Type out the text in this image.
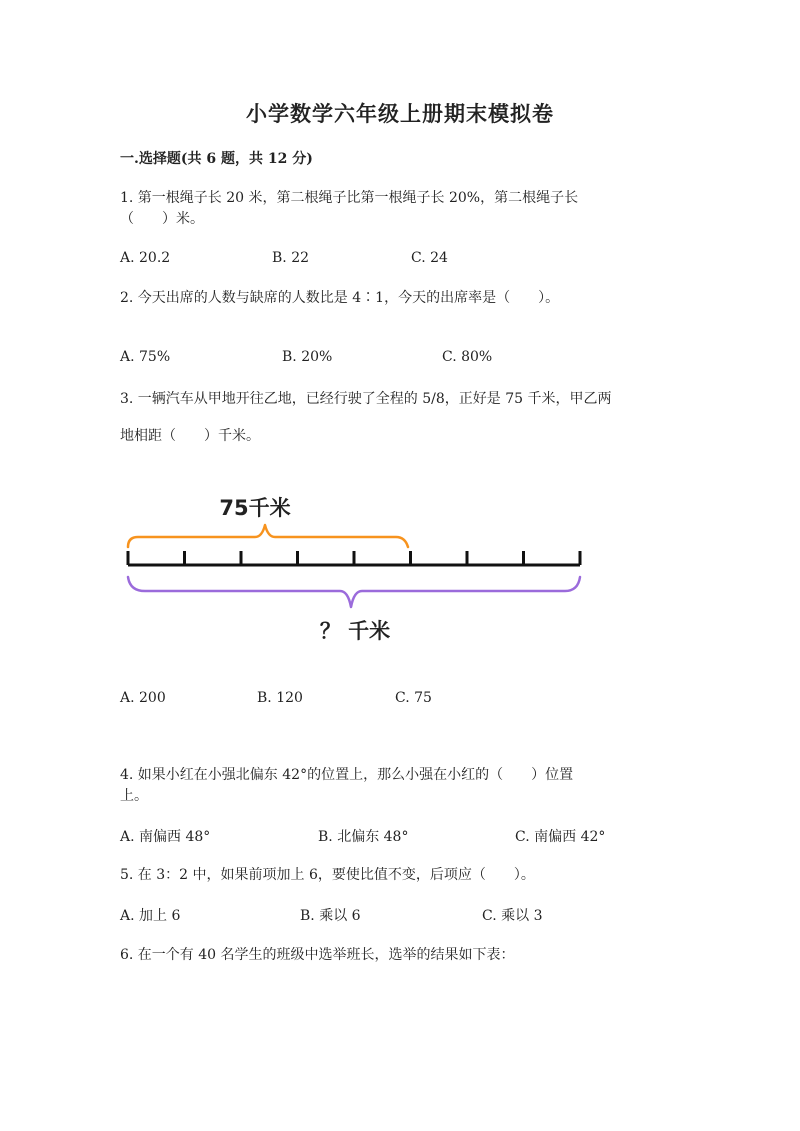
小学数学六年级上册期末模拟卷
一.选择题(共 6 题，共 12 分)
1. 第一根绳子长 20 米，第二根绳子比第一根绳子长 20%，第二根绳子长
（　　）米。
A. 20.2	B. 22	C. 24
2. 今天出席的人数与缺席的人数比是 4∶1，今天的出席率是（　　）。
A. 75%	B. 20%	C. 80%
3. 一辆汽车从甲地开往乙地，已经行驶了全程的 5/8，正好是 75 千米，甲乙两
地相距（　　）千米。
75千米
？ 千米
A. 200	B. 120	C. 75
4. 如果小红在小强北偏东 42°的位置上，那么小强在小红的（　　）位置
上。
A. 南偏西 48°	B. 北偏东 48°	C. 南偏西 42°
5. 在 3：2 中，如果前项加上 6，要使比值不变，后项应（　　）。
A. 加上 6	B. 乘以 6	C. 乘以 3
6. 在一个有 40 名学生的班级中选举班长，选举的结果如下表：
